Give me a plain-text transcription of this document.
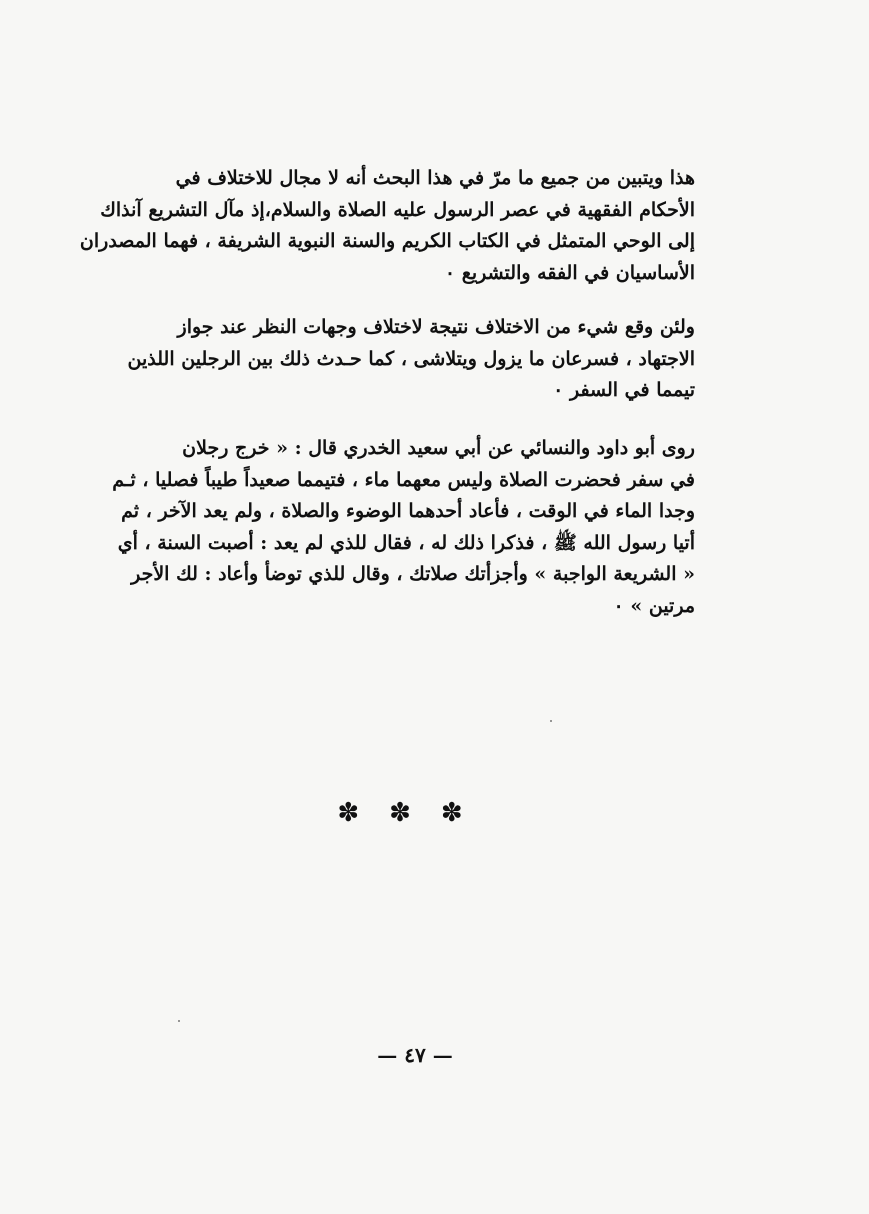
هذا ويتبين من جميع ما مرّ في هذا البحث أنه لا مجال للاختلاف في
الأحكام الفقهية في عصر الرسول عليه الصلاة والسلام،إذ مآل التشريع آنذاك
إلى الوحي المتمثل في الكتاب الكريم والسنة النبوية الشريفة ، فهما المصدران
الأساسيان في الفقه والتشريع ٠
ولئن وقع شيء من الاختلاف نتيجة لاختلاف وجهات النظر عند جواز
الاجتهاد ، فسرعان ما يزول ويتلاشى ، كما حـدث ذلك بين الرجلين اللذين
تيمما في السفر ٠
روى أبو داود والنسائي عن أبي سعيد الخدري قال : « خرج رجلان
في سفر فحضرت الصلاة وليس معهما ماء ، فتيمما صعيداً طيباً فصليا ، ثـم
وجدا الماء في الوقت ، فأعاد أحدهما الوضوء والصلاة ، ولم يعد الآخر ، ثم
أتيا رسول الله ﷺ ، فذكرا ذلك له ، فقال للذي لم يعد : أصبت السنة ، أي
« الشريعة الواجبة » وأجزأتك صلاتك ، وقال للذي توضأ وأعاد : لك الأجر
مرتين » ٠
✽✽✽
— ٤٧ —
